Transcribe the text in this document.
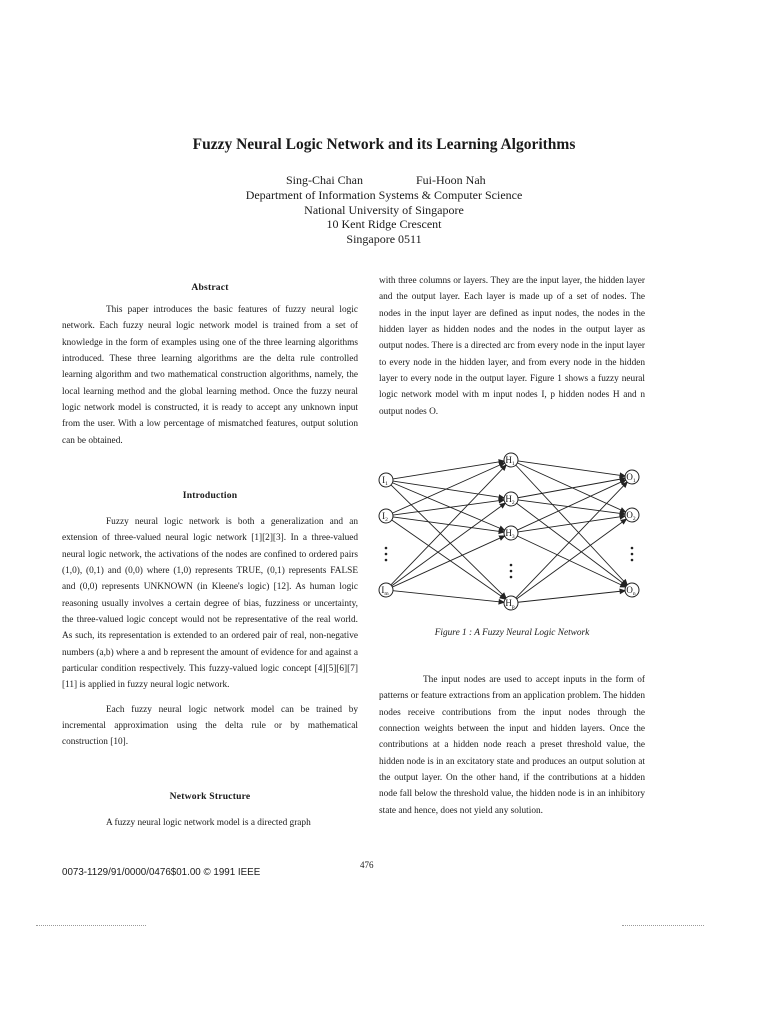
Fuzzy Neural Logic Network and its Learning Algorithms
Sing-Chai Chan	Fui-Hoon Nah
Department of Information Systems & Computer Science
National University of Singapore
10 Kent Ridge Crescent
Singapore 0511
Abstract

This paper introduces the basic features of fuzzy neural logic network. Each fuzzy neural logic network model is trained from a set of knowledge in the form of examples using one of the three learning algorithms introduced. These three learning algorithms are the delta rule controlled learning algorithm and two mathematical construction algorithms, namely, the local learning method and the global learning method. Once the fuzzy neural logic network model is constructed, it is ready to accept any unknown input from the user. With a low percentage of mismatched features, output solution can be obtained.

Introduction

Fuzzy neural logic network is both a generalization and an extension of three-valued neural logic network [1][2][3]. In a three-valued neural logic network, the activations of the nodes are confined to ordered pairs (1,0), (0,1) and (0,0) where (1,0) represents TRUE, (0,1) represents FALSE and (0,0) represents UNKNOWN (in Kleene's logic) [12]. As human logic reasoning usually involves a certain degree of bias, fuzziness or uncertainty, the three-valued logic concept would not be representative of the real world. As such, its representation is extended to an ordered pair of real, non-negative numbers (a,b) where a and b represent the amount of evidence for and against a particular condition respectively. This fuzzy-valued logic concept [4][5][6][7][11] is applied in fuzzy neural logic network.

Each fuzzy neural logic network model can be trained by incremental approximation using the delta rule or by mathematical construction [10].

Network Structure

A fuzzy neural logic network model is a directed graph

with three columns or layers. They are the input layer, the hidden layer and the output layer. Each layer is made up of a set of nodes. The nodes in the input layer are defined as input nodes, the nodes in the hidden layer as hidden nodes and the nodes in the output layer as output nodes. There is a directed arc from every node in the input layer to every node in the hidden layer, and from every node in the hidden layer to every node in the output layer. Figure 1 shows a fuzzy neural logic network model with m input nodes I, p hidden nodes H and n output nodes O.

$I_1$
$I_2$
$I_m$
$H_1$
$H_2$
$H_3$
$H_p$
$O_1$
$O_2$
$O_n$
Figure 1 : A Fuzzy Neural Logic Network

The input nodes are used to accept inputs in the form of patterns or feature extractions from an application problem. The hidden nodes receive contributions from the input nodes through the connection weights between the input and hidden layers. Once the contributions at a hidden node reach a preset threshold value, the hidden node is in an excitatory state and produces an output solution at the output layer. On the other hand, if the contributions at a hidden node fall below the threshold value, the hidden node is in an inhibitory state and hence, does not yield any solution.

476
0073-1129/91/0000/0476$01.00 © 1991 IEEE
